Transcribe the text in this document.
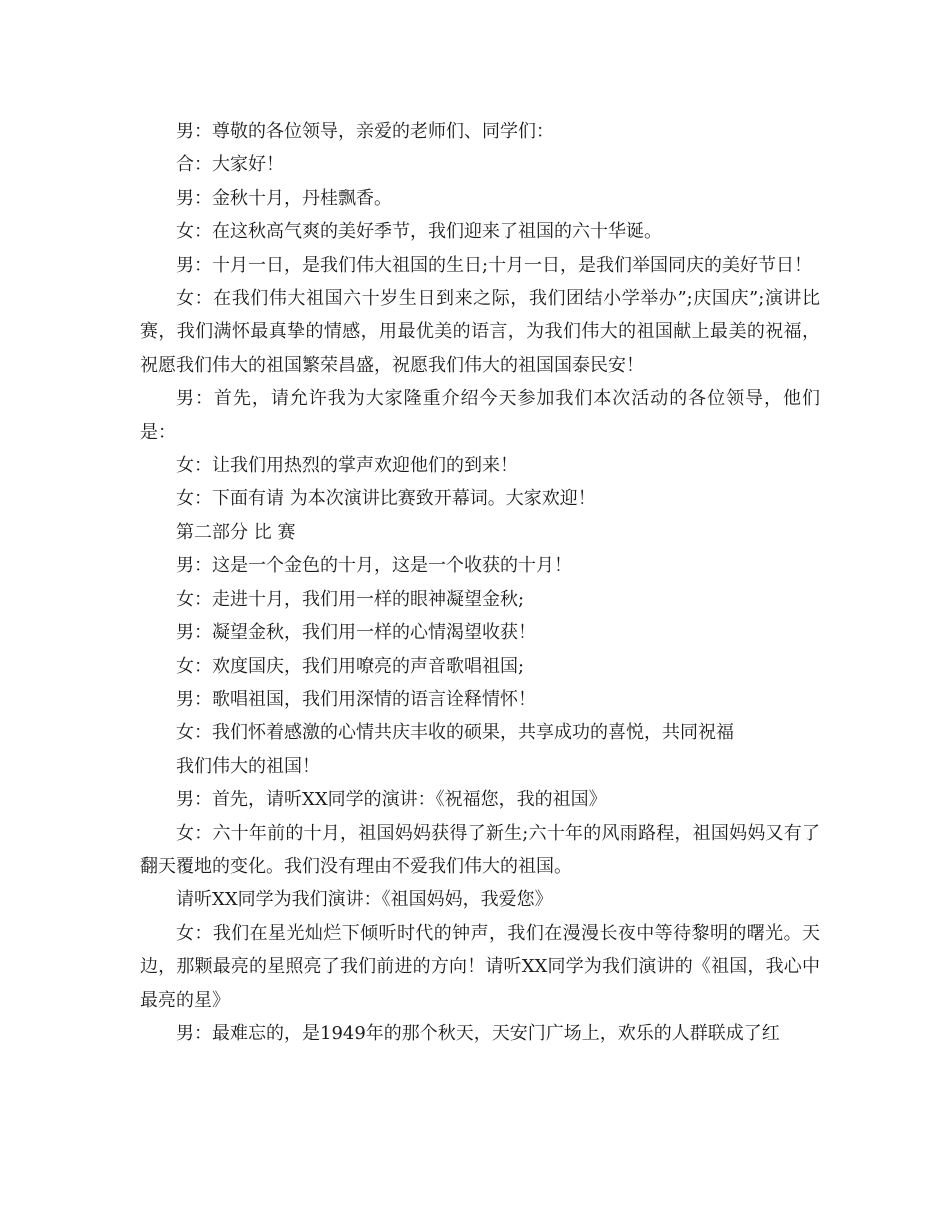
男：尊敬的各位领导，亲爱的老师们、同学们：

合：大家好！

男：金秋十月，丹桂飘香。

女：在这秋高气爽的美好季节，我们迎来了祖国的六十华诞。

男：十月一日，是我们伟大祖国的生日;十月一日，是我们举国同庆的美好节日！

女：在我们伟大祖国六十岁生日到来之际，我们团结小学举办”;庆国庆”;演讲比赛，我们满怀最真挚的情感，用最优美的语言，为我们伟大的祖国献上最美的祝福，祝愿我们伟大的祖国繁荣昌盛，祝愿我们伟大的祖国国泰民安！

男：首先，请允许我为大家隆重介绍今天参加我们本次活动的各位领导，他们是：

女：让我们用热烈的掌声欢迎他们的到来！

女：下面有请 为本次演讲比赛致开幕词。大家欢迎！

第二部分 比 赛

男：这是一个金色的十月，这是一个收获的十月！

女：走进十月，我们用一样的眼神凝望金秋;

男：凝望金秋，我们用一样的心情渴望收获！

女：欢度国庆，我们用嘹亮的声音歌唱祖国;

男：歌唱祖国，我们用深情的语言诠释情怀！

女：我们怀着感激的心情共庆丰收的硕果，共享成功的喜悦，共同祝福

我们伟大的祖国！

男：首先，请听XX同学的演讲：《祝福您，我的祖国》

女：六十年前的十月，祖国妈妈获得了新生;六十年的风雨路程，祖国妈妈又有了翻天覆地的变化。我们没有理由不爱我们伟大的祖国。

请听XX同学为我们演讲：《祖国妈妈，我爱您》

女：我们在星光灿烂下倾听时代的钟声，我们在漫漫长夜中等待黎明的曙光。天边，那颗最亮的星照亮了我们前进的方向！请听XX同学为我们演讲的《祖国，我心中最亮的星》

男：最难忘的，是1949年的那个秋天，天安门广场上，欢乐的人群联成了红
